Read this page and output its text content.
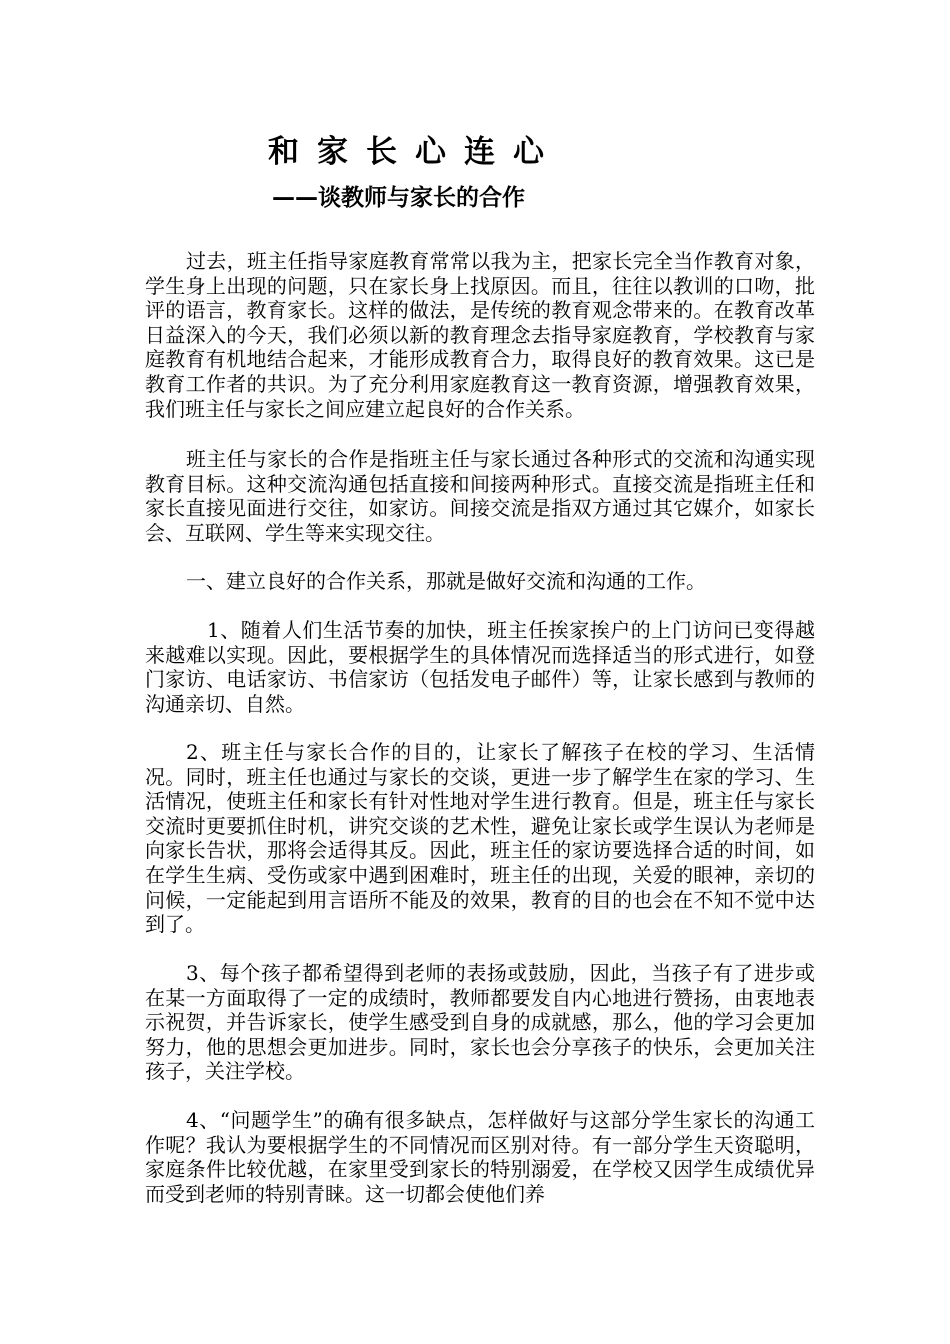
和家长心连心
——谈教师与家长的合作

过去，班主任指导家庭教育常常以我为主，把家长完全当作教育对象，学生身上出现的问题，只在家长身上找原因。而且，往往以教训的口吻，批评的语言，教育家长。这样的做法，是传统的教育观念带来的。在教育改革日益深入的今天，我们必须以新的教育理念去指导家庭教育，学校教育与家庭教育有机地结合起来，才能形成教育合力，取得良好的教育效果。这已是教育工作者的共识。为了充分利用家庭教育这一教育资源，增强教育效果，我们班主任与家长之间应建立起良好的合作关系。

班主任与家长的合作是指班主任与家长通过各种形式的交流和沟通实现教育目标。这种交流沟通包括直接和间接两种形式。直接交流是指班主任和家长直接见面进行交往，如家访。间接交流是指双方通过其它媒介，如家长会、互联网、学生等来实现交往。

一、建立良好的合作关系，那就是做好交流和沟通的工作。

1、随着人们生活节奏的加快，班主任挨家挨户的上门访问已变得越来越难以实现。因此，要根据学生的具体情况而选择适当的形式进行，如登门家访、电话家访、书信家访（包括发电子邮件）等，让家长感到与教师的沟通亲切、自然。

2、班主任与家长合作的目的，让家长了解孩子在校的学习、生活情况。同时，班主任也通过与家长的交谈，更进一步了解学生在家的学习、生活情况，使班主任和家长有针对性地对学生进行教育。但是，班主任与家长交流时更要抓住时机，讲究交谈的艺术性，避免让家长或学生误认为老师是向家长告状，那将会适得其反。因此，班主任的家访要选择合适的时间，如在学生生病、受伤或家中遇到困难时，班主任的出现，关爱的眼神，亲切的问候，一定能起到用言语所不能及的效果，教育的目的也会在不知不觉中达到了。

3、每个孩子都希望得到老师的表扬或鼓励，因此，当孩子有了进步或在某一方面取得了一定的成绩时，教师都要发自内心地进行赞扬，由衷地表示祝贺，并告诉家长，使学生感受到自身的成就感，那么，他的学习会更加努力，他的思想会更加进步。同时，家长也会分享孩子的快乐，会更加关注孩子，关注学校。

4、“问题学生”的确有很多缺点，怎样做好与这部分学生家长的沟通工作呢？我认为要根据学生的不同情况而区别对待。有一部分学生天资聪明，家庭条件比较优越，在家里受到家长的特别溺爱，在学校又因学生成绩优异而受到老师的特别青睐。这一切都会使他们养
